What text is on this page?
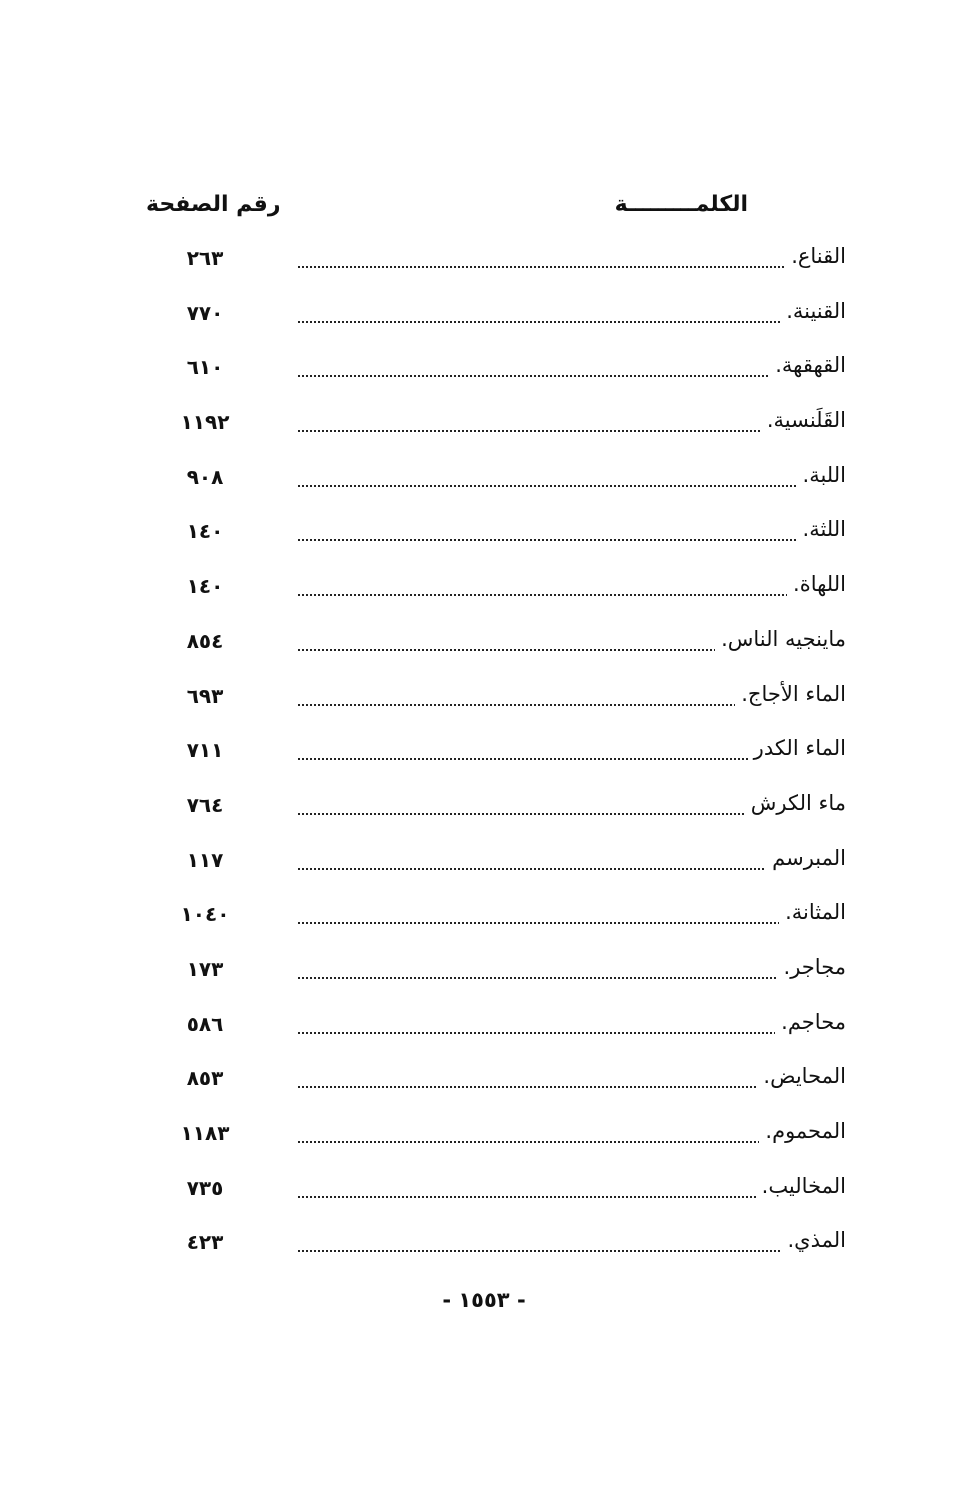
الكلمـــــــــة
رقم الصفحة
القناع.
٢٦٣
القنينة.
٧٧٠
القهقهة.
٦١٠
القَلَنسية.
١١٩٢
اللبة.
٩٠٨
اللثة.
١٤٠
اللهاة.
١٤٠
ماينجيه الناس.
٨٥٤
الماء الأجاج.
٦٩٣
الماء الكدر
٧١١
ماء الكرش
٧٦٤
المبرسم
١١٧
المثانة.
١٠٤٠
مجاجر.
١٧٣
محاجم.
٥٨٦
المحايض.
٨٥٣
المحموم.
١١٨٣
المخاليب.
٧٣٥
المذي.
٤٢٣
- ١٥٥٣ -
